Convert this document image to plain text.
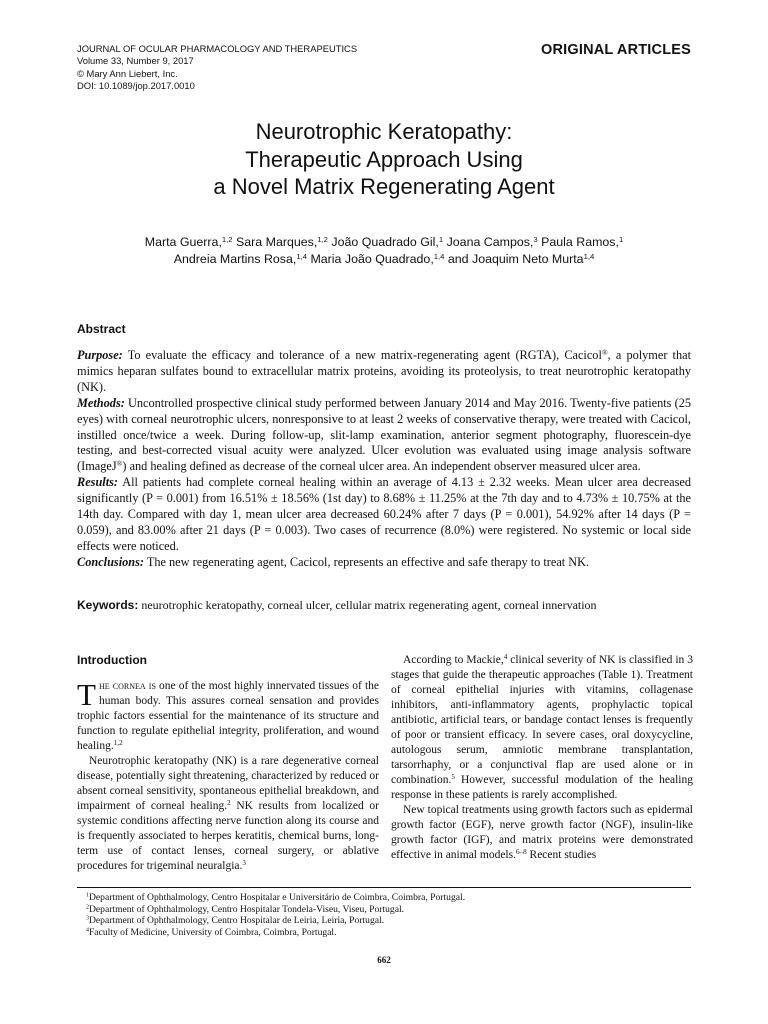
JOURNAL OF OCULAR PHARMACOLOGY AND THERAPEUTICS
Volume 33, Number 9, 2017
© Mary Ann Liebert, Inc.
DOI: 10.1089/jop.2017.0010
ORIGINAL ARTICLES
Neurotrophic Keratopathy:
Therapeutic Approach Using
a Novel Matrix Regenerating Agent
Marta Guerra,$^{1,2}$ Sara Marques,$^{1,2}$ João Quadrado Gil,$^1$ Joana Campos,$^3$ Paula Ramos,$^1$
Andreia Martins Rosa,$^{1,4}$ Maria João Quadrado,$^{1,4}$ and Joaquim Neto Murta$^{1,4}$
Abstract

Purpose: To evaluate the efficacy and tolerance of a new matrix-regenerating agent (RGTA), Cacicol®, a polymer that mimics heparan sulfates bound to extracellular matrix proteins, avoiding its proteolysis, to treat neurotrophic keratopathy (NK).

Methods: Uncontrolled prospective clinical study performed between January 2014 and May 2016. Twenty-five patients (25 eyes) with corneal neurotrophic ulcers, nonresponsive to at least 2 weeks of conservative therapy, were treated with Cacicol, instilled once/twice a week. During follow-up, slit-lamp examination, anterior segment photography, fluorescein-dye testing, and best-corrected visual acuity were analyzed. Ulcer evolution was evaluated using image analysis software (ImageJ®) and healing defined as decrease of the corneal ulcer area. An independent observer measured ulcer area.

Results: All patients had complete corneal healing within an average of 4.13 ± 2.32 weeks. Mean ulcer area decreased significantly (P = 0.001) from 16.51% ± 18.56% (1st day) to 8.68% ± 11.25% at the 7th day and to 4.73% ± 10.75% at the 14th day. Compared with day 1, mean ulcer area decreased 60.24% after 7 days (P = 0.001), 54.92% after 14 days (P = 0.059), and 83.00% after 21 days (P = 0.003). Two cases of recurrence (8.0%) were registered. No systemic or local side effects were noticed.

Conclusions: The new regenerating agent, Cacicol, represents an effective and safe therapy to treat NK.

Keywords: neurotrophic keratopathy, corneal ulcer, cellular matrix regenerating agent, corneal innervation
Introduction

The cornea is one of the most highly innervated tissues of the human body. This assures corneal sensation and provides trophic factors essential for the maintenance of its structure and function to regulate epithelial integrity, proliferation, and wound healing.$^{1,2}$

Neurotrophic keratopathy (NK) is a rare degenerative corneal disease, potentially sight threatening, characterized by reduced or absent corneal sensitivity, spontaneous epithelial breakdown, and impairment of corneal healing.$^2$ NK results from localized or systemic conditions affecting nerve function along its course and is frequently associated to herpes keratitis, chemical burns, long-term use of contact lenses, corneal surgery, or ablative procedures for trigeminal neuralgia.$^3$

According to Mackie,$^4$ clinical severity of NK is classified in 3 stages that guide the therapeutic approaches (Table 1). Treatment of corneal epithelial injuries with vitamins, collagenase inhibitors, anti-inflammatory agents, prophylactic topical antibiotic, artificial tears, or bandage contact lenses is frequently of poor or transient efficacy. In severe cases, oral doxycycline, autologous serum, amniotic membrane transplantation, tarsorrhaphy, or a conjunctival flap are used alone or in combination.$^5$ However, successful modulation of the healing response in these patients is rarely accomplished.

New topical treatments using growth factors such as epidermal growth factor (EGF), nerve growth factor (NGF), insulin-like growth factor (IGF), and matrix proteins were demonstrated effective in animal models.$^{6-8}$ Recent studies

$^1$Department of Ophthalmology, Centro Hospitalar e Universitário de Coimbra, Coimbra, Portugal.
$^2$Department of Ophthalmology, Centro Hospitalar Tondela-Viseu, Viseu, Portugal.
$^3$Department of Ophthalmology, Centro Hospitalar de Leiria, Leiria, Portugal.
$^4$Faculty of Medicine, University of Coimbra, Coimbra, Portugal.
662
